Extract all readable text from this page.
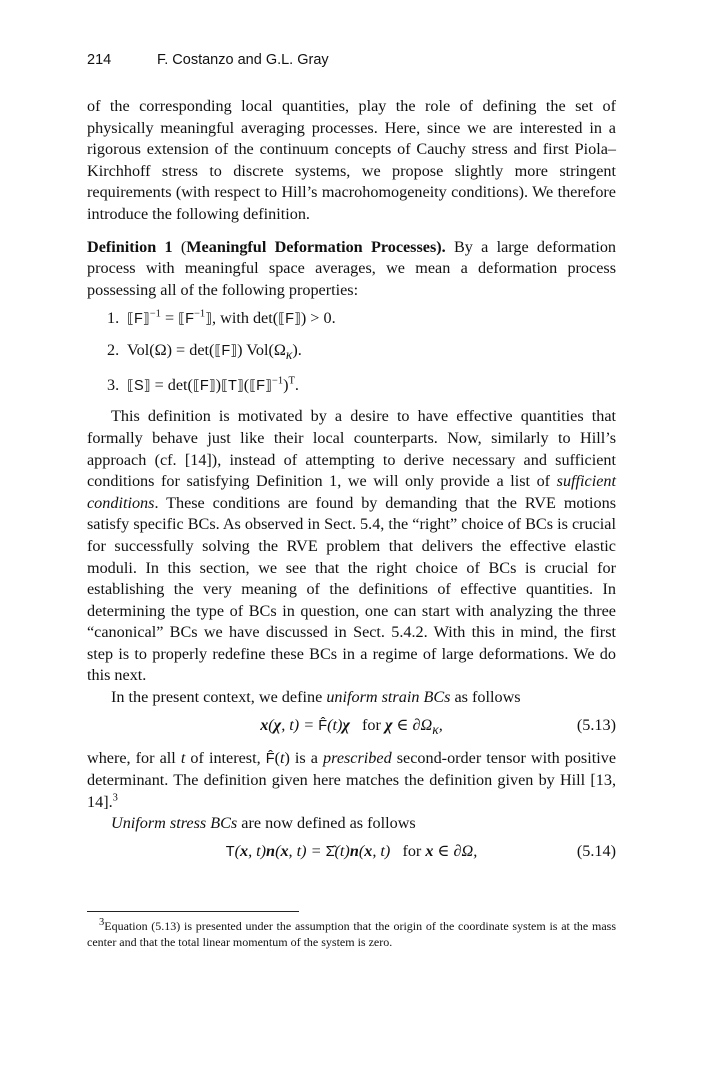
214	F. Costanzo and G.L. Gray

of the corresponding local quantities, play the role of defining the set of physically meaningful averaging processes. Here, since we are interested in a rigorous extension of the continuum concepts of Cauchy stress and first Piola–Kirchhoff stress to discrete systems, we propose slightly more stringent requirements (with respect to Hill’s macrohomogeneity conditions). We therefore introduce the following definition.

Definition 1 (Meaningful Deformation Processes). By a large deformation process with meaningful space averages, we mean a deformation process possessing all of the following properties:

1. ⟦F⟧$^{-1}$ = $⟦F^{-1}⟧$, with det(⟦F⟧) > 0.
2. Vol(Ω) = det(⟦F⟧) $Vol(\Omega_\kappa)$.
3. ⟦S⟧ = det(⟦F⟧)⟦T⟧(⟦F⟧$^{-1}$)$^T$.

This definition is motivated by a desire to have effective quantities that formally behave just like their local counterparts. Now, similarly to Hill’s approach (cf. [14]), instead of attempting to derive necessary and sufficient conditions for satisfying Definition 1, we will only provide a list of sufficient conditions. These conditions are found by demanding that the RVE motions satisfy specific BCs. As observed in Sect. 5.4, the “right” choice of BCs is crucial for successfully solving the RVE problem that delivers the effective elastic moduli. In this section, we see that the right choice of BCs is crucial for establishing the very meaning of the definitions of effective quantities. In determining the type of BCs in question, one can start with analyzing the three “canonical” BCs we have discussed in Sect. 5.4.2. With this in mind, the first step is to properly redefine these BCs in a regime of large deformations. We do this next.

In the present context, we define uniform strain BCs as follows

x(χ, t) = F̂(t)χ for χ ∈ $\partial\Omega_\kappa$,	(5.13)

where, for all t of interest, F̂(t) is a prescribed second-order tensor with positive determinant. The definition given here matches the definition given by Hill [13, 14].$^3$

Uniform stress BCs are now defined as follows

T(x, t)n(x, t) = Σ̂(t)n(x, t)   for x ∈ ∂Ω,	(5.14)

$^3$Equation (5.13) is presented under the assumption that the origin of the coordinate system is at the mass center and that the total linear momentum of the system is zero.
